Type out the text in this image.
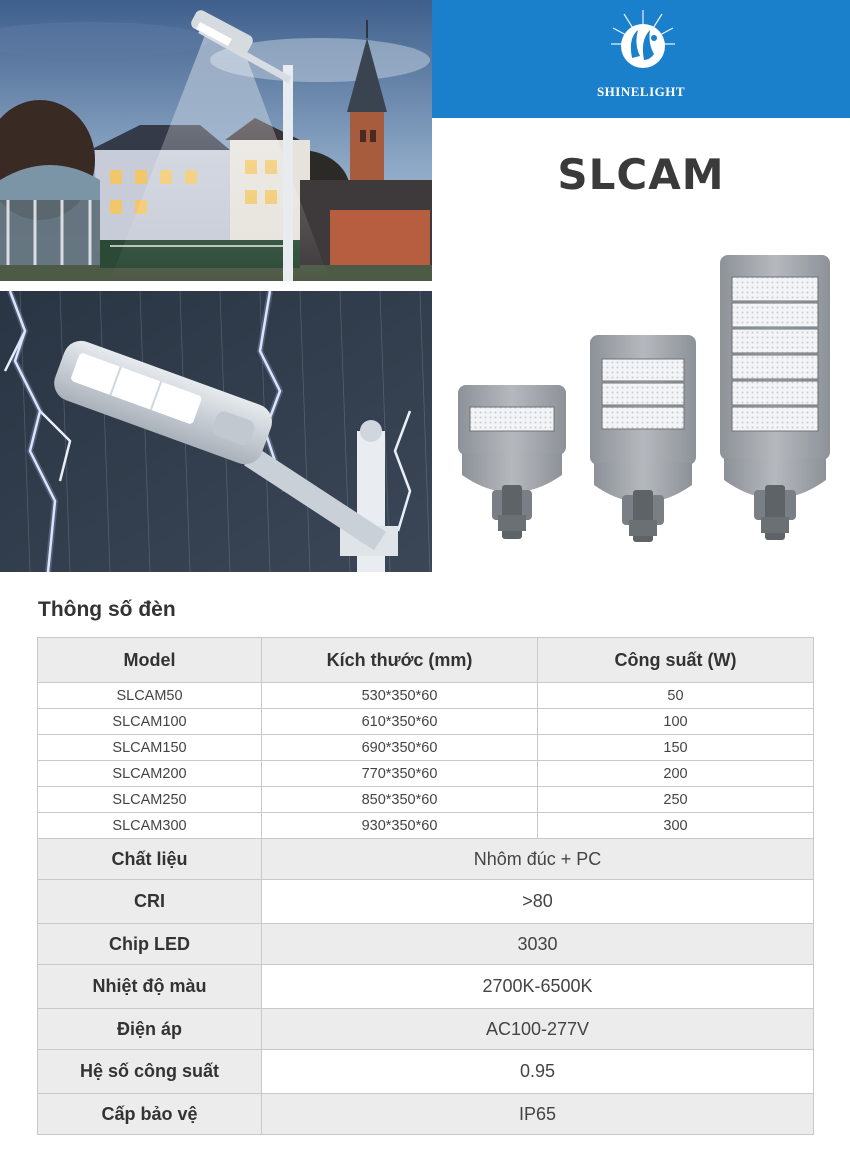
SHINELIGHT
SLCAM
Thông số đèn
Model	Kích thước (mm)	Công suất (W)
SLCAM50	530*350*60	50
SLCAM100	610*350*60	100
SLCAM150	690*350*60	150
SLCAM200	770*350*60	200
SLCAM250	850*350*60	250
SLCAM300	930*350*60	300
Chất liệu	Nhôm đúc + PC	
CRI	>80	
Chip LED	3030	
Nhiệt độ màu	2700K-6500K	
Điện áp	AC100-277V	
Hệ số công suất	0.95	
Cấp bảo vệ	IP65	
